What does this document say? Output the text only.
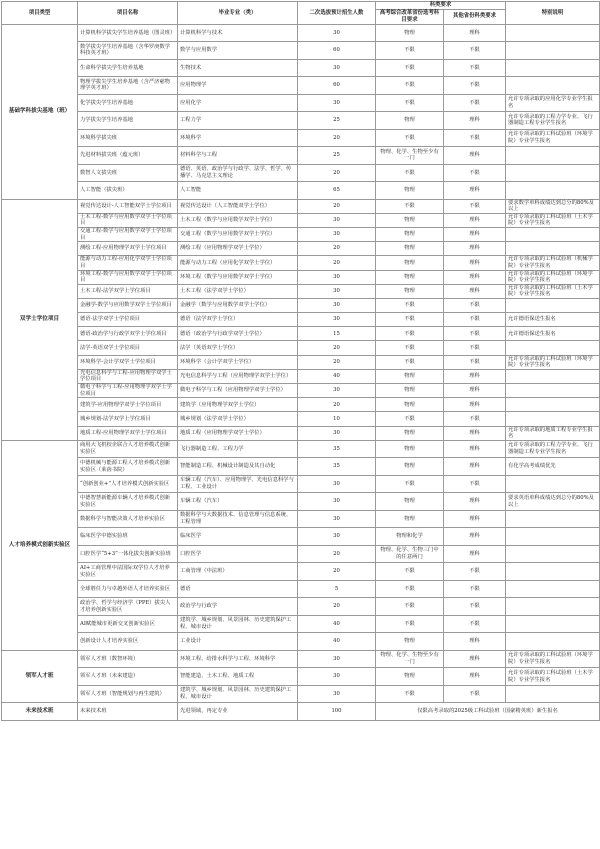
项目类型	项目名称	毕业专业（类）	二次选拔预计招生人数	科类要求		特别说明
				高考综合改革省份选考科目要求	其他省份科类要求	
基础学科拔尖基地（班）	计算机科学拔尖学生培养基地（图灵班）	计算机科学与技术	30	物理	理科	
	数学拔尖学生培养基地（含华罗庚数学科技英才班）	数学与应用数学	60	不限	不限	
	生命科学拔尖学生培养基地	生物技术	30	不限	不限	
	物理学拔尖学生培养基地（含严济慈物理学英才班）	应用物理学	60	不限	不限	
	化学拔尖学生培养基地	应用化学	30	不限	不限	允许专项录取的应用化学专业学生报名
	力学拔尖学生培养基地	工程力学	25	物理	理科	允许专项录取的工程力学专业、飞行器制造工程专业学生报名
	环境科学拔尖班	环境科学	20	不限	不限	允许专项录取的工科试验班（环境学院）专业学生报名
	先进材料拔尖班（蕴元班）	材料科学与工程	25	物理、化学、生物至少有一门	理科	
	数智人文拔尖班	德语、英语、政治学与行政学、法学、哲学、传播学、马克思主义理论	20	不限	不限	
	人工智能（拔尖班）	人工智能	65	物理	理科	
双学士学位项目	视觉传达设计-人工智能双学士学位项目	视觉传达设计（人工智能双学士学位）	20	不限	不限	要求数学单科成绩达到总分的80%及以上
	土木工程-数学与应用数学双学士学位项目	土木工程（数学与应用数学双学士学位）	30	物理	理科	允许专项录取的工科试验班（土木学院）专业学生报名
	交通工程-数学与应用数学双学士学位项目	交通工程（数学与应用数学双学士学位）	30	物理	理科	
	测绘工程-应用物理学双学士学位项目	测绘工程（应用物理学双学士学位）	20	物理	理科	
	能源与动力工程-应用化学双学士学位项目	能源与动力工程（应用化学双学士学位）	20	物理	理科	允许专项录取的工科试验班（机械学院）专业学生报名
	环境工程-数学与应用数学双学士学位项目	环境工程（数学与应用数学双学士学位）	30	物理	理科	允许专项录取的工科试验班（环境学院）专业学生报名
	土木工程-法学双学士学位项目	土木工程（法学双学士学位）	30	物理	理科	允许专项录取的工科试验班（土木学院）专业学生报名
	金融学-数学与应用数学双学士学位项目	金融学（数学与应用数学双学士学位）	30	不限	不限	
	德语-法学双学士学位项目	德语（法学双学士学位）	30	不限	不限	允许德语保送生报名
	德语-政治学与行政学双学士学位项目	德语（政治学与行政学双学士学位）	15	不限	不限	允许德语保送生报名
	法学-英语双学士学位项目	法学（英语双学士学位）	20	不限	不限	
	环境科学-会计学双学士学位项目	环境科学（会计学双学士学位）	20	不限	不限	允许专项录取的工科试验班（环境学院）专业学生报名
	光电信息科学与工程-应用物理学双学士学位项目	光电信息科学与工程（应用物理学双学士学位）	40	物理	理科	
	微电子科学与工程-应用物理学双学士学位项目	微电子科学与工程（应用物理学双学士学位）	30	物理	理科	
	建筑学-应用物理学双学士学位项目	建筑学（应用物理学双学士学位）	20	物理	理科	
	城乡规划-法学双学士学位项目	城乡规划（法学双学士学位）	10	不限	不限	
	地质工程-应用物理学双学士学位项目	地质工程（应用物理学双学士学位）	30	物理	理科	允许专项录取的地质工程专业学生报名
人才培养模式创新实验区	商用大飞机校企联合人才培养模式创新实验区	飞行器制造工程、工程力学	35	物理	理科	允许专项录取的工程力学专业、飞行器制造工程专业学生报名
	中德机械与能源工程人才培养模式创新实验区（莱茵书院）	智能制造工程、机械设计制造及其自动化	35	物理	理科	有化学高考成绩优先
	“创新创业+”人才培养模式创新实验区	车辆工程（汽车）、应用物理学、光电信息科学与工程、工业设计	30	不限	不限	
	中德智慧新能源车辆人才培养模式创新实验区	车辆工程（汽车）	30	物理	理科	要求英语单科成绩达到总分的80%及以上
	数据科学与智能决策人才培养实验区	数据科学与大数据技术、信息管理与信息系统、工程管理	30	物理	理科	
	临床医学中德实验班	临床医学	30	物理和化学	理科	
	口腔医学“5+3”一体化拔尖创新实验班	口腔医学	20	物理、化学、生物三门中的任意两门	理科	
	AI+工商管理中法国际双学位人才培养实验区	工商管理（中法班）	20	不限	不限	
	全球胜任力与卓越外语人才培养实验区	德语	5	不限	不限	
	政治学、哲学与经济学（PPE）拔尖人才培养创新实验区	政治学与行政学	20	不限	不限	
	AI赋能城市更新交叉创新实验区	建筑学、城乡规划、风景园林、历史建筑保护工程、城市设计	40	不限	不限	
	创新设计人才培养实验区	工业设计	40	物理	理科	
领军人才班	领军人才班（数智环境）	环境工程、给排水科学与工程、环境科学	30	物理、化学、生物至少有一门	理科	允许专项录取的工科试验班（环境学院）专业学生报名
	领军人才班（未来建造）	智能建造、土木工程、地质工程	30	物理	理科	允许专项录取的工科试验班（土木学院）专业学生报名
	领军人才班（智能规划与再生建筑）	建筑学、城乡规划、风景园林、历史建筑保护工程、城市设计	30	不限	不限	
未来技术班	未来技术班	先进领域，再定专业	100	仅限高考录取的2025级工科试验班（国豪精英班）新生报名		
